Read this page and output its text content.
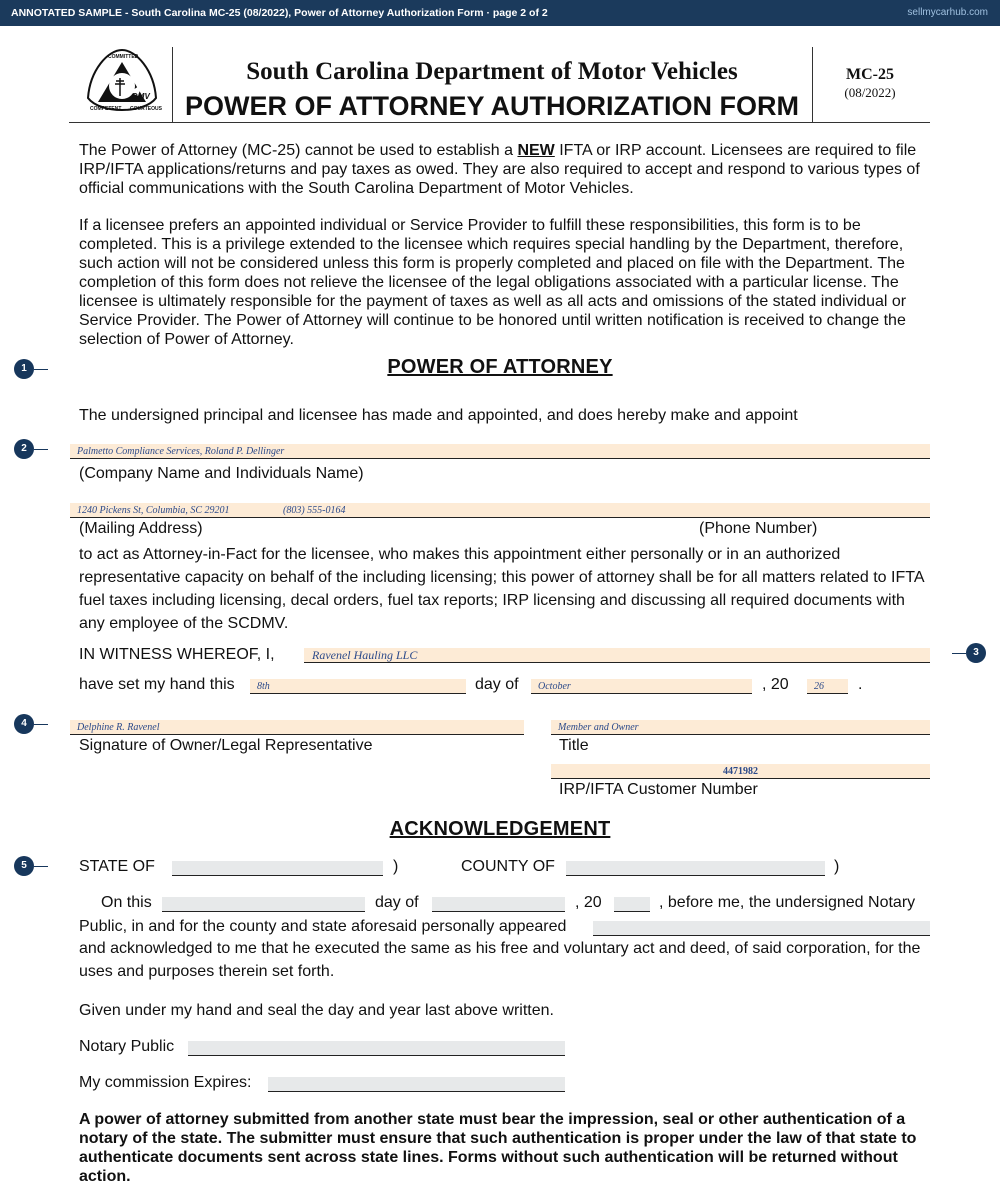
ANNOTATED SAMPLE - South Carolina MC-25 (08/2022), Power of Attorney Authorization Form · page 2 of 2	sellmycarhub.com
COMMITTED
COMPETENT COURTEOUS
DMV
South Carolina Department of Motor Vehicles
POWER OF ATTORNEY AUTHORIZATION FORM
MC-25
(08/2022)
The Power of Attorney (MC-25) cannot be used to establish a NEW IFTA or IRP account. Licensees are required to file IRP/IFTA applications/returns and pay taxes as owed. They are also required to accept and respond to various types of official communications with the South Carolina Department of Motor Vehicles.
If a licensee prefers an appointed individual or Service Provider to fulfill these responsibilities, this form is to be completed. This is a privilege extended to the licensee which requires special handling by the Department, therefore, such action will not be considered unless this form is properly completed and placed on file with the Department. The completion of this form does not relieve the licensee of the legal obligations associated with a particular license. The licensee is ultimately responsible for the payment of taxes as well as all acts and omissions of the stated individual or Service Provider. The Power of Attorney will continue to be honored until written notification is received to change the selection of Power of Attorney.
1
2
3
4
5
POWER OF ATTORNEY
The undersigned principal and licensee has made and appointed, and does hereby make and appoint
Palmetto Compliance Services, Roland P. Dellinger
(Company Name and Individuals Name)
1240 Pickens St, Columbia, SC 29201	(803) 555-0164
(Mailing Address)	(Phone Number)
to act as Attorney-in-Fact for the licensee, who makes this appointment either personally or in an authorized representative capacity on behalf of the including licensing; this power of attorney shall be for all matters related to IFTA fuel taxes including licensing, decal orders, fuel tax reports; IRP licensing and discussing all required documents with any employee of the SCDMV.
IN WITNESS WHEREOF, I,	Ravenel Hauling LLC
have set my hand this 8th	day of October	, 20	26 .
Delphine R. Ravenel
Signature of Owner/Legal Representative
Member and Owner
Title
4471982
IRP/IFTA Customer Number
ACKNOWLEDGEMENT
STATE OF	)	COUNTY OF	)
On this	day of	, 20	, before me, the undersigned Notary
Public, in and for the county and state aforesaid personally appeared
and acknowledged to me that he executed the same as his free and voluntary act and deed, of said corporation, for the uses and purposes therein set forth.
Given under my hand and seal the day and year last above written.
Notary Public
My commission Expires:
A power of attorney submitted from another state must bear the impression, seal or other authentication of a notary of the state. The submitter must ensure that such authentication is proper under the law of that state to authenticate documents sent across state lines. Forms without such authentication will be returned without action.
